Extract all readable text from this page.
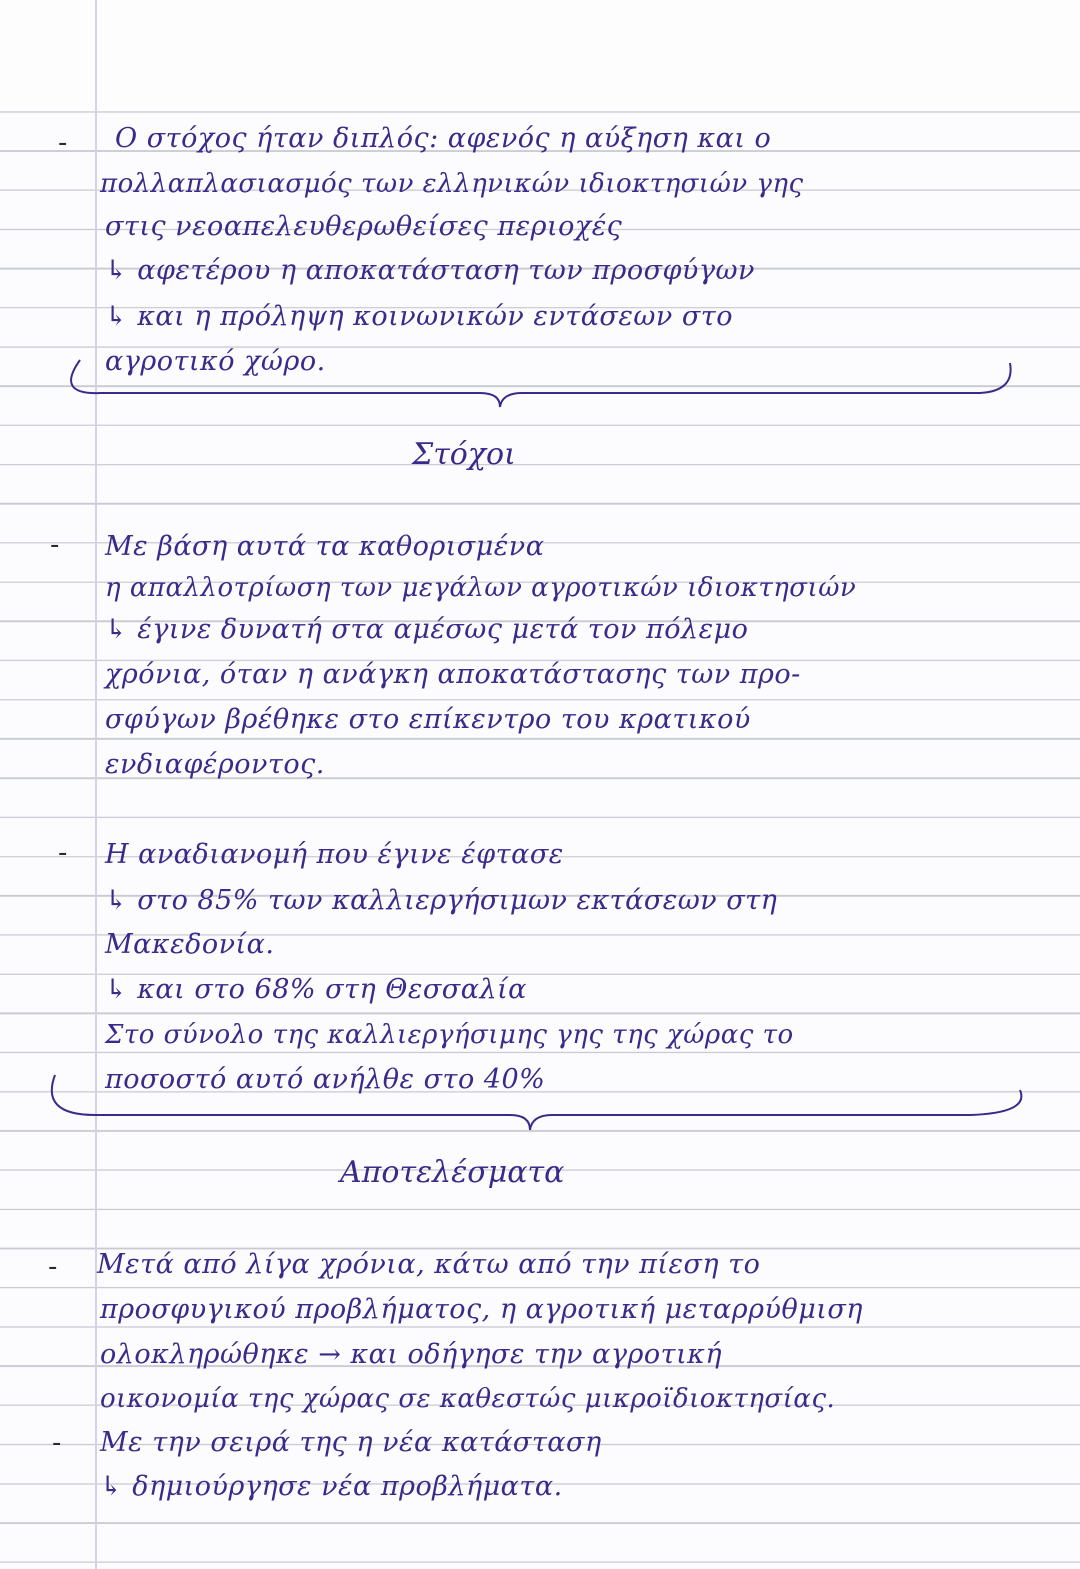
- Ο στόχος ήταν διπλός: αφενός η αύξηση και ο
πολλαπλασιασμός των ελληνικών ιδιοκτησιών γης
στις νεοαπελευθερωθείσες περιοχές
↳ αφετέρου η αποκατάσταση των προσφύγων
↳ και η πρόληψη κοινωνικών εντάσεων στο
αγροτικό χώρο.
Στόχοι
- Με βάση αυτά τα καθορισμένα
η απαλλοτρίωση των μεγάλων αγροτικών ιδιοκτησιών
↳ έγινε δυνατή στα αμέσως μετά τον πόλεμο
χρόνια, όταν η ανάγκη αποκατάστασης των προ-
σφύγων βρέθηκε στο επίκεντρο του κρατικού
ενδιαφέροντος.
- Η αναδιανομή που έγινε έφτασε
↳ στο 85% των καλλιεργήσιμων εκτάσεων στη
Μακεδονία.
↳ και στο 68% στη Θεσσαλία
Στο σύνολο της καλλιεργήσιμης γης της χώρας το
ποσοστό αυτό ανήλθε στο 40%
Αποτελέσματα
- Μετά από λίγα χρόνια, κάτω από την πίεση το
προσφυγικού προβλήματος, η αγροτική μεταρρύθμιση
ολοκληρώθηκε → και οδήγησε την αγροτική
οικονομία της χώρας σε καθεστώς μικροϊδιοκτησίας.
- Με την σειρά της η νέα κατάσταση
↳ δημιούργησε νέα προβλήματα.
